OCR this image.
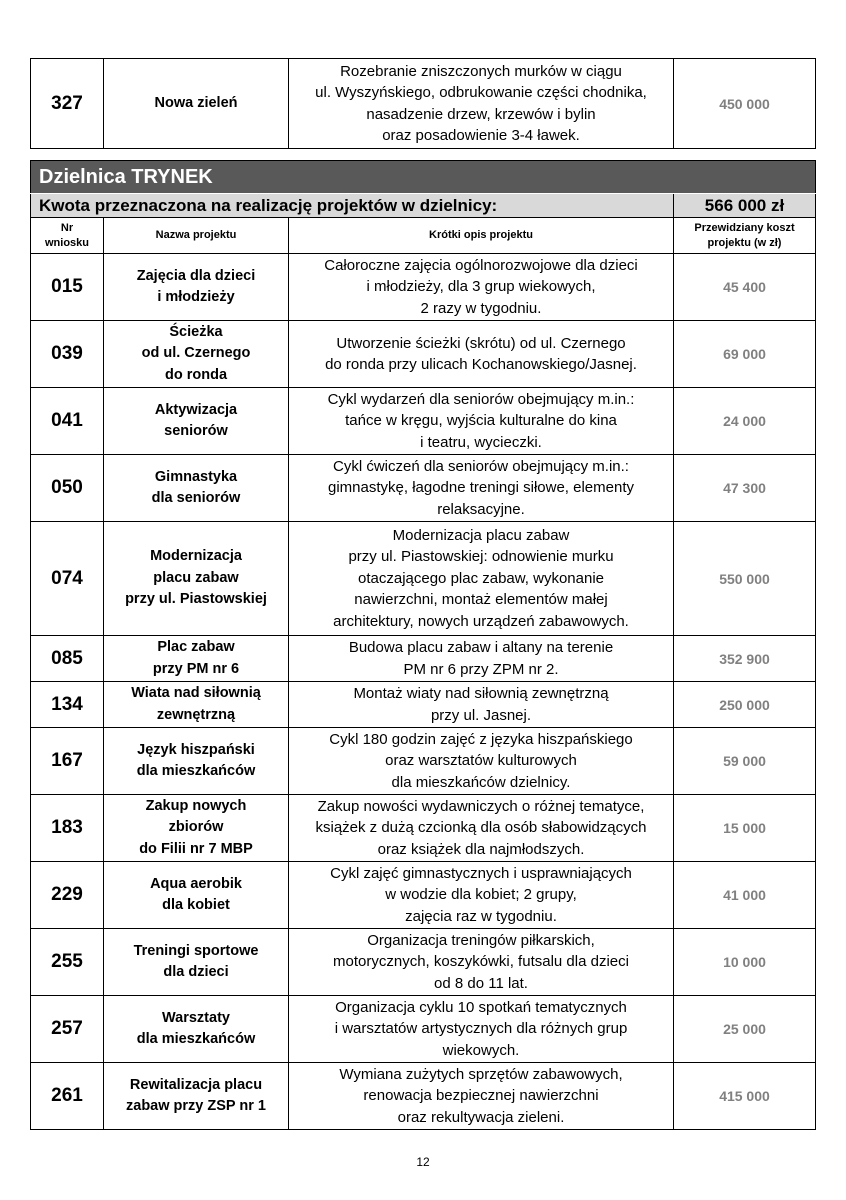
327	Nowa zieleń	Rozebranie zniszczonych murków w ciągu
ul. Wyszyńskiego, odbrukowanie części chodnika,
nasadzenie drzew, krzewów i bylin
oraz posadowienie 3-4 ławek.	450 000
Dzielnica TRYNEK			
Kwota przeznaczona na realizację projektów w dzielnicy:			566 000 zł
Nr
wniosku	Nazwa projektu	Krótki opis projektu	Przewidziany koszt
projektu (w zł)
015	Zajęcia dla dzieci
i młodzieży	Całoroczne zajęcia ogólnorozwojowe dla dzieci
i młodzieży, dla 3 grup wiekowych,
2 razy w tygodniu.	45 400
039	Ścieżka
od ul. Czernego
do ronda	Utworzenie ścieżki (skrótu) od ul. Czernego
do ronda przy ulicach Kochanowskiego/Jasnej.	69 000
041	Aktywizacja
seniorów	Cykl wydarzeń dla seniorów obejmujący m.in.:
tańce w kręgu, wyjścia kulturalne do kina
i teatru, wycieczki.	24 000
050	Gimnastyka
dla seniorów	Cykl ćwiczeń dla seniorów obejmujący m.in.:
gimnastykę, łagodne treningi siłowe, elementy
relaksacyjne.	47 300
074	Modernizacja
placu zabaw
przy ul. Piastowskiej	Modernizacja placu zabaw
przy ul. Piastowskiej: odnowienie murku
otaczającego plac zabaw, wykonanie
nawierzchni, montaż elementów małej
architektury, nowych urządzeń zabawowych.	550 000
085	Plac zabaw
przy PM nr 6	Budowa placu zabaw i altany na terenie
PM nr 6 przy ZPM nr 2.	352 900
134	Wiata nad siłownią
zewnętrzną	Montaż wiaty nad siłownią zewnętrzną
przy ul. Jasnej.	250 000
167	Język hiszpański
dla mieszkańców	Cykl 180 godzin zajęć z języka hiszpańskiego
oraz warsztatów kulturowych
dla mieszkańców dzielnicy.	59 000
183	Zakup nowych
zbiorów
do Filii nr 7 MBP	Zakup nowości wydawniczych o różnej tematyce,
książek z dużą czcionką dla osób słabowidzących
oraz książek dla najmłodszych.	15 000
229	Aqua aerobik
dla kobiet	Cykl zajęć gimnastycznych i usprawniających
w wodzie dla kobiet; 2 grupy,
zajęcia raz w tygodniu.	41 000
255	Treningi sportowe
dla dzieci	Organizacja treningów piłkarskich,
motorycznych, koszykówki, futsalu dla dzieci
od 8 do 11 lat.	10 000
257	Warsztaty
dla mieszkańców	Organizacja cyklu 10 spotkań tematycznych
i warsztatów artystycznych dla różnych grup
wiekowych.	25 000
261	Rewitalizacja placu
zabaw przy ZSP nr 1	Wymiana zużytych sprzętów zabawowych,
renowacja bezpiecznej nawierzchni
oraz rekultywacja zieleni.	415 000
12
